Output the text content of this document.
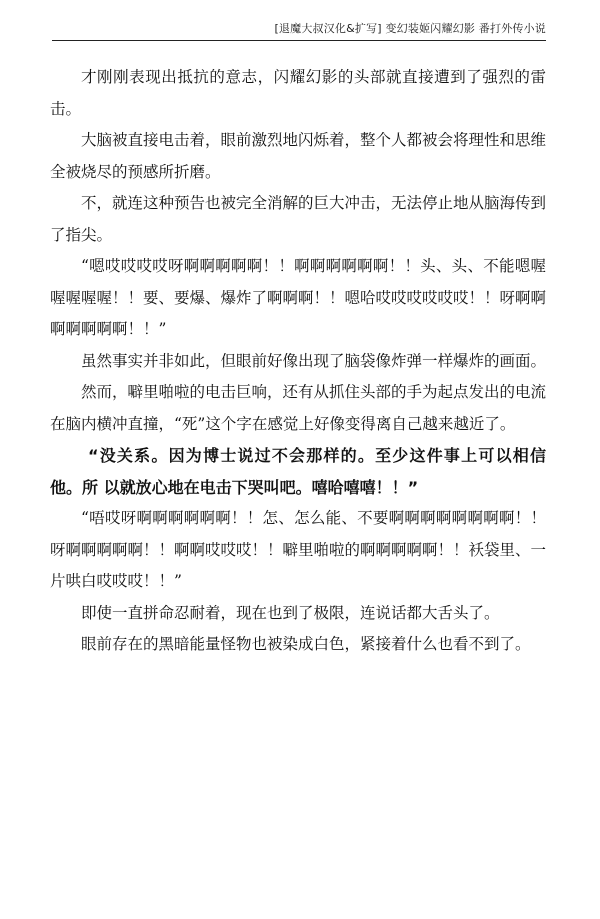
[退魔大叔汉化&扩写] 变幻装姬闪耀幻影 番打外传小说

才刚刚表现出抵抗的意志，闪耀幻影的头部就直接遭到了强烈的雷击。

大脑被直接电击着，眼前激烈地闪烁着，整个人都被会将理性和思维全被烧尽的预感所折磨。

不，就连这种预告也被完全消解的巨大冲击，无法停止地从脑海传到了指尖。

“嗯哎哎哎哎呀啊啊啊啊啊！！啊啊啊啊啊啊！！头、头、不能嗯喔喔喔喔喔！！要、要爆、爆炸了啊啊啊！！嗯哈哎哎哎哎哎哎！！呀啊啊啊啊啊啊啊！！”

虽然事实并非如此，但眼前好像出现了脑袋像炸弹一样爆炸的画面。

然而，噼里啪啦的电击巨响，还有从抓住头部的手为起点发出的电流在脑内横冲直撞，“死”这个字在感觉上好像变得离自己越来越近了。

“没关系。因为博士说过不会那样的。至少这件事上可以相信他。所 以就放心地在电击下哭叫吧。嘻哈嘻嘻！！”

“唔哎呀啊啊啊啊啊啊！！怎、怎么能、不要啊啊啊啊啊啊啊啊！！呀啊啊啊啊啊！！啊啊哎哎哎！！噼里啪啦的啊啊啊啊啊！！袄袋里、一片哄白哎哎哎！！”

即使一直拼命忍耐着，现在也到了极限，连说话都大舌头了。

眼前存在的黑暗能量怪物也被染成白色，紧接着什么也看不到了。
